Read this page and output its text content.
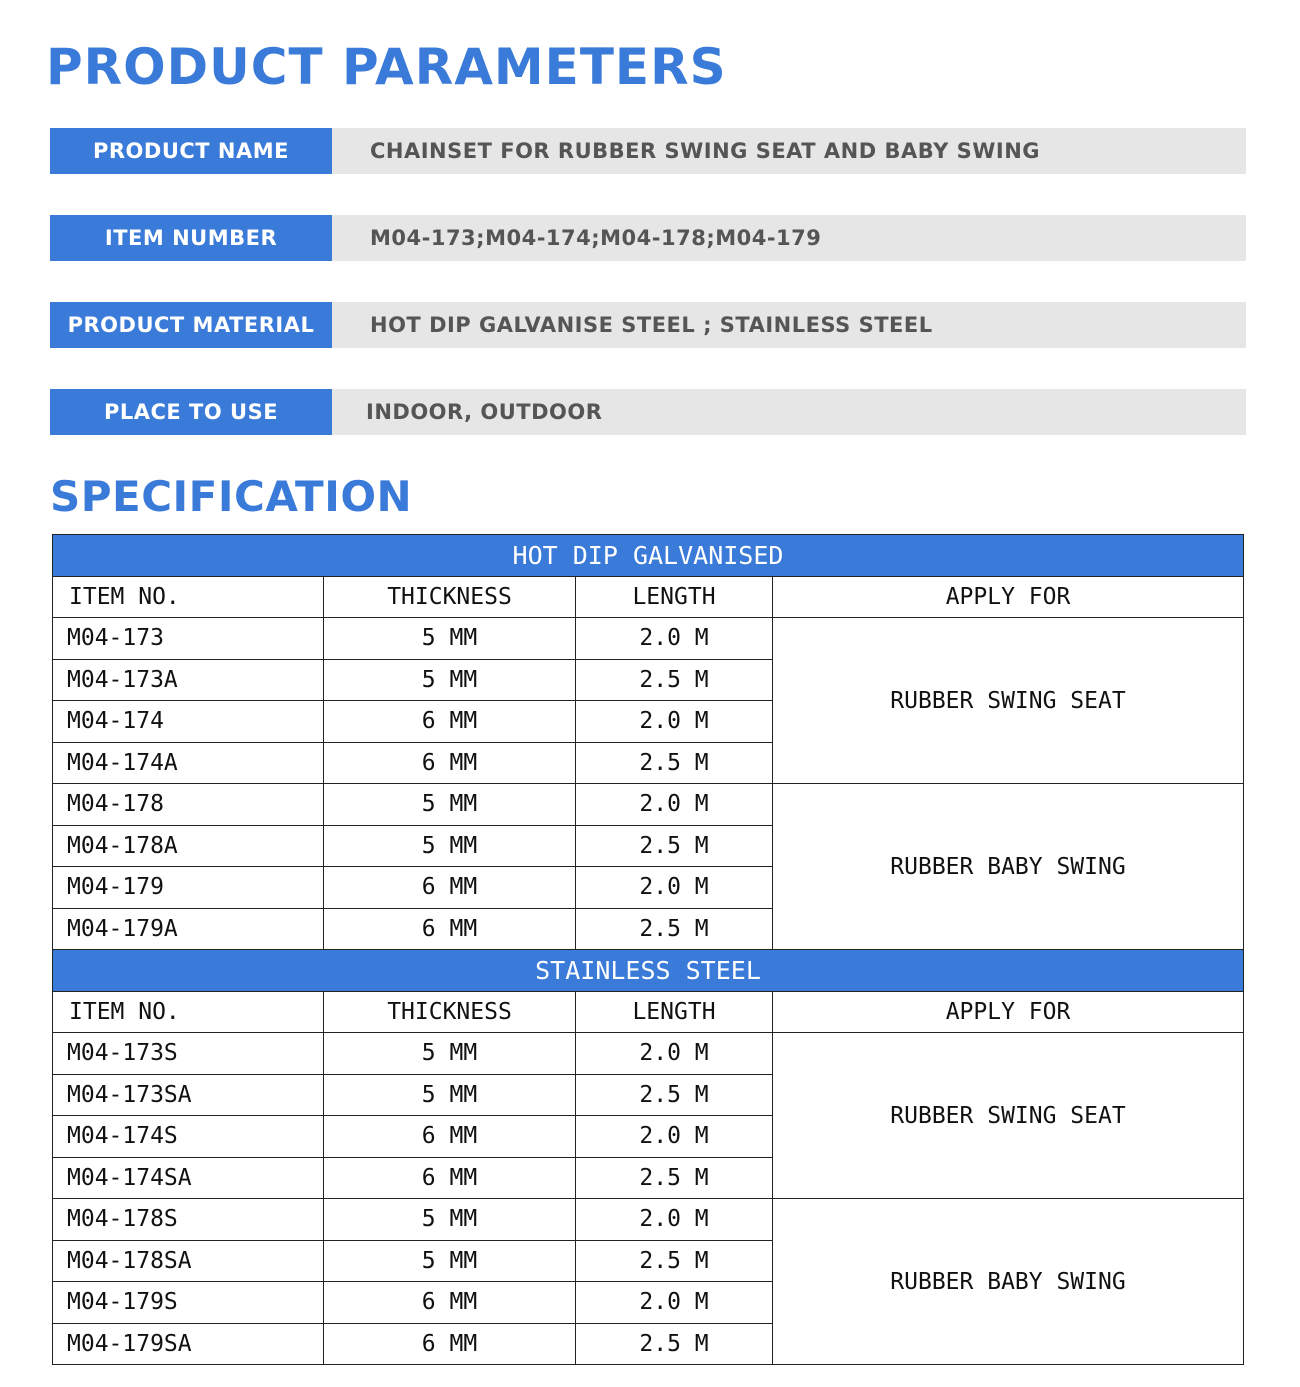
PRODUCT PARAMETERS
PRODUCT NAME	CHAINSET FOR RUBBER SWING SEAT AND BABY SWING
ITEM NUMBER	M04-173;M04-174;M04-178;M04-179
PRODUCT MATERIAL	HOT DIP GALVANISE STEEL ; STAINLESS STEEL
PLACE TO USE	INDOOR, OUTDOOR
SPECIFICATION
HOT DIP GALVANISED			
ITEM NO.	THICKNESS	LENGTH	APPLY FOR
M04-173	5 MM	2.0 M	RUBBER SWING SEAT
M04-173A	5 MM	2.5 M	
M04-174	6 MM	2.0 M	
M04-174A	6 MM	2.5 M	
M04-178	5 MM	2.0 M	RUBBER BABY SWING
M04-178A	5 MM	2.5 M	
M04-179	6 MM	2.0 M	
M04-179A	6 MM	2.5 M	
STAINLESS STEEL			
ITEM NO.	THICKNESS	LENGTH	APPLY FOR
M04-173S	5 MM	2.0 M	RUBBER SWING SEAT
M04-173SA	5 MM	2.5 M	
M04-174S	6 MM	2.0 M	
M04-174SA	6 MM	2.5 M	
M04-178S	5 MM	2.0 M	RUBBER BABY SWING
M04-178SA	5 MM	2.5 M	
M04-179S	6 MM	2.0 M	
M04-179SA	6 MM	2.5 M	
